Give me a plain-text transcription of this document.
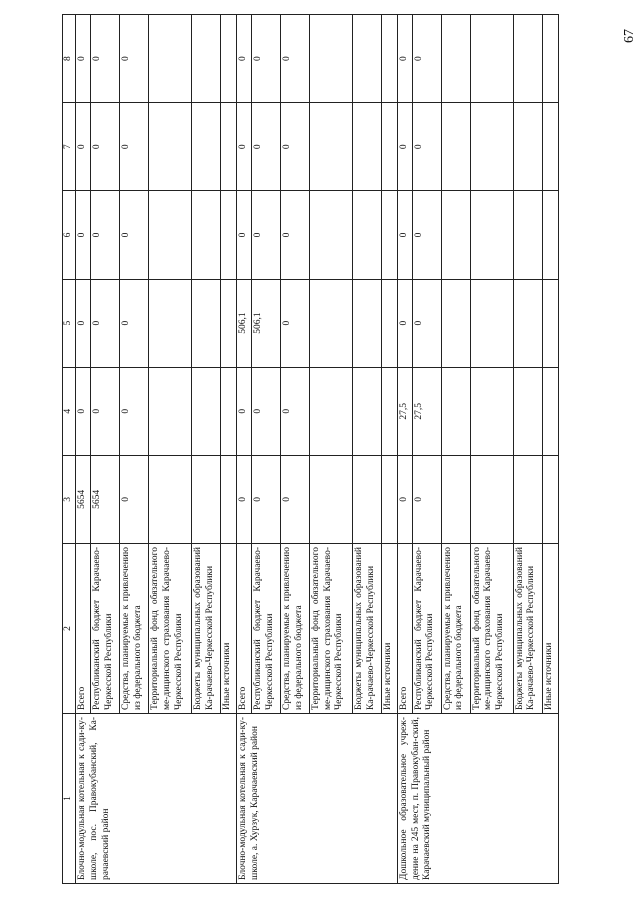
67
1	2	3	4	5	6	7	8
Блочно-модульная котельная к сади-ку-школе, пос. Правокубанский, Ка-рачаевский район	Всего	5654	0	0	0	0	0
	Республиканский бюджет Карачаево-Черкесской Республики	5654	0	0	0	0	0
	Средства, планируемые к привлечению из федерального бюджета	0	0	0	0	0	0
	Территориальный фонд обязательного ме-дицинского страхования Карачаево-Черкесской Республики						
	Бюджеты муниципальных образований Ка-рачаево-Черкесской Республики						
	Иные источники						
Блочно-модульная котельная к сади-ку-школе, а. Хурзук, Карачаевский район	Всего	0	0	506,1	0	0	0
	Республиканский бюджет Карачаево-Черкесской Республики	0	0	506,1	0	0	0
	Средства, планируемые к привлечению из федерального бюджета	0	0	0	0	0	0
	Территориальный фонд обязательного ме-дицинского страхования Карачаево-Черкесской Республики						
	Бюджеты муниципальных образований Ка-рачаево-Черкесской Республики						
	Иные источники						
Дошкольное образовательное учреж-дение на 245 мест, п. Правокубан-ский, Карачаевский муниципальный район	Всего	0	27,5	0	0	0	0
	Республиканский бюджет Карачаево-Черкесской Республики	0	27,5	0	0	0	0
	Средства, планируемые к привлечению из федерального бюджета						
	Территориальный фонд обязательного ме-дицинского страхования Карачаево-Черкесской Республики						
	Бюджеты муниципальных образований Ка-рачаево-Черкесской Республики						
	Иные источники						
